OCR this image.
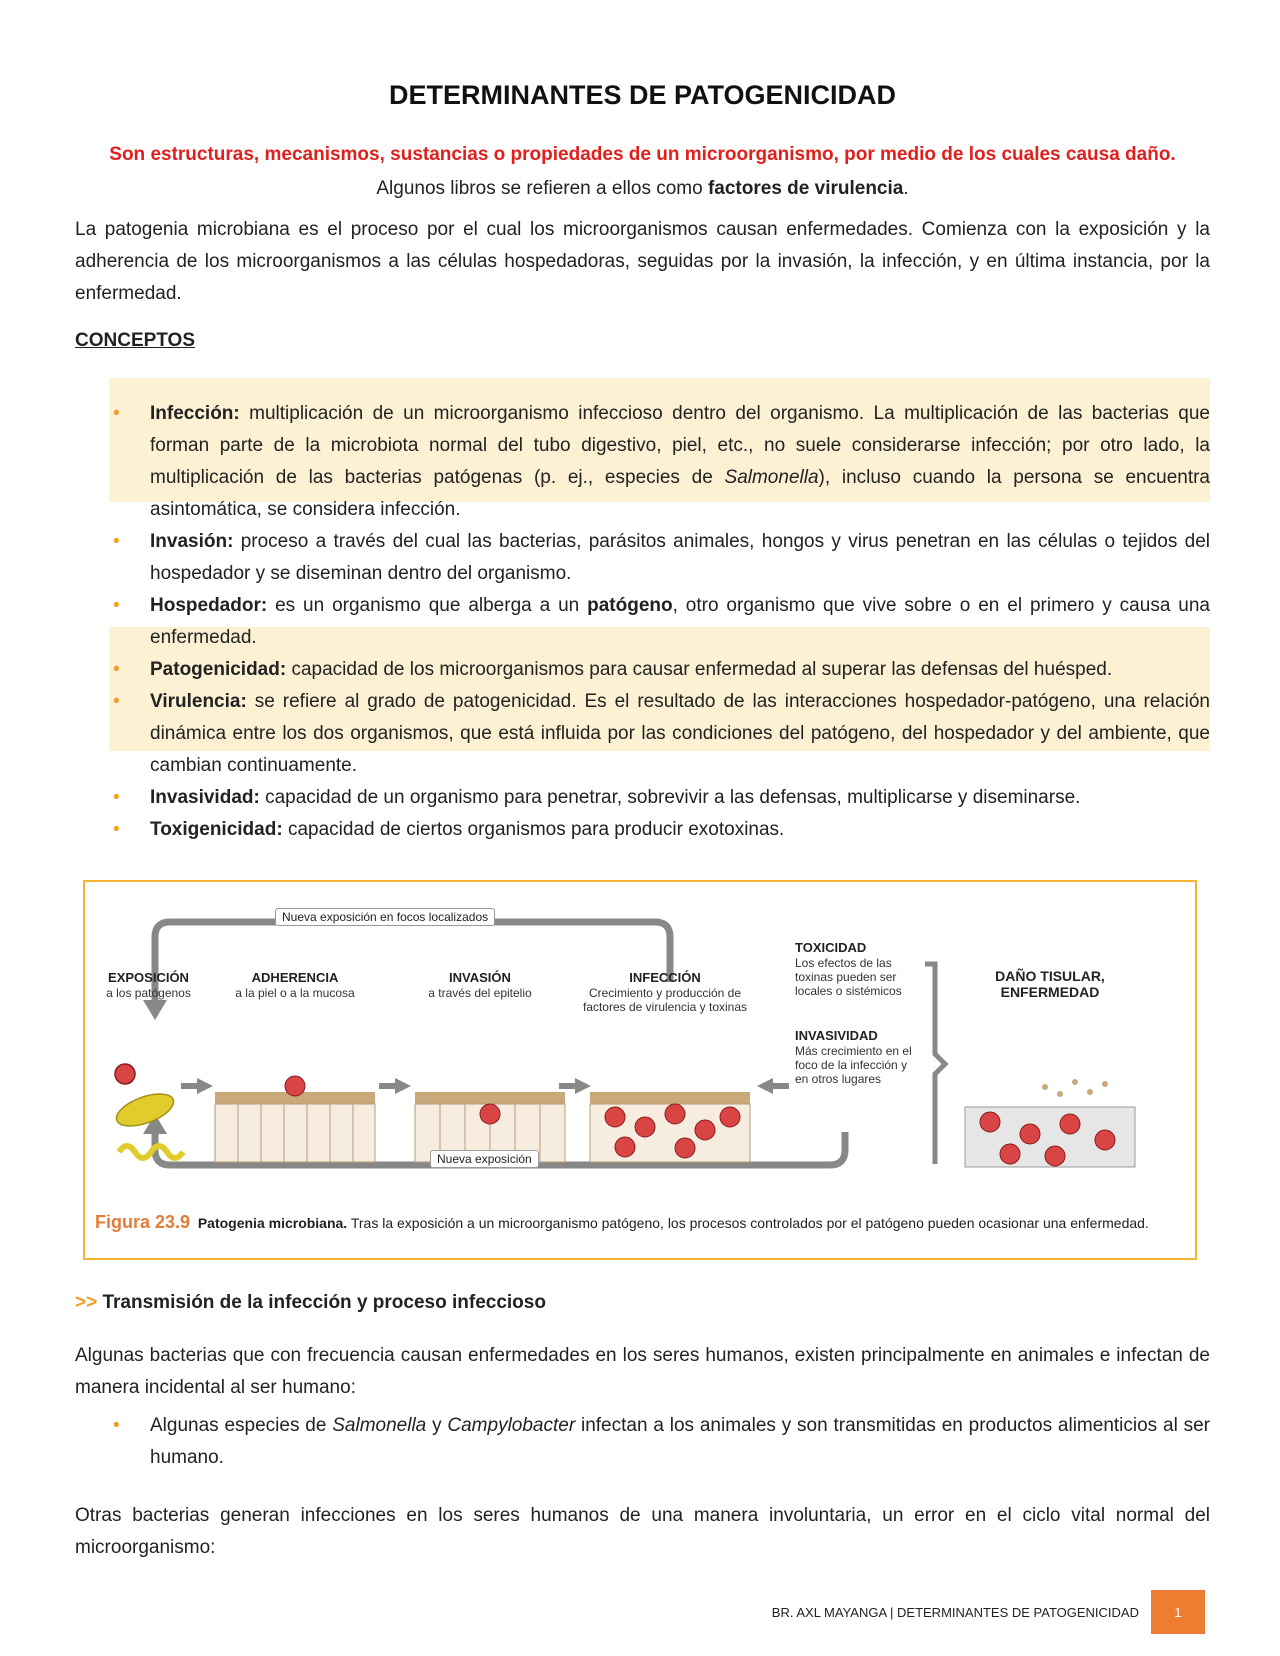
DETERMINANTES DE PATOGENICIDAD
Son estructuras, mecanismos, sustancias o propiedades de un microorganismo, por medio de los cuales causa daño.
Algunos libros se refieren a ellos como factores de virulencia.

La patogenia microbiana es el proceso por el cual los microorganismos causan enfermedades. Comienza con la exposición y la adherencia de los microorganismos a las células hospedadoras, seguidas por la invasión, la infección, y en última instancia, por la enfermedad.

CONCEPTOS
• Infección: multiplicación de un microorganismo infeccioso dentro del organismo. La multiplicación de las bacterias que forman parte de la microbiota normal del tubo digestivo, piel, etc., no suele considerarse infección; por otro lado, la multiplicación de las bacterias patógenas (p. ej., especies de Salmonella), incluso cuando la persona se encuentra asintomática, se considera infección.
• Invasión: proceso a través del cual las bacterias, parásitos animales, hongos y virus penetran en las células o tejidos del hospedador y se diseminan dentro del organismo.
• Hospedador: es un organismo que alberga a un patógeno, otro organismo que vive sobre o en el primero y causa una enfermedad.
• Patogenicidad: capacidad de los microorganismos para causar enfermedad al superar las defensas del huésped.
• Virulencia: se refiere al grado de patogenicidad. Es el resultado de las interacciones hospedador-patógeno, una relación dinámica entre los dos organismos, que está influida por las condiciones del patógeno, del hospedador y del ambiente, que cambian continuamente.
• Invasividad: capacidad de un organismo para penetrar, sobrevivir a las defensas, multiplicarse y diseminarse.
• Toxigenicidad: capacidad de ciertos organismos para producir exotoxinas.
Nueva exposición en focos localizados
Nueva exposición
EXPOSICIÓN
a los patógenos
ADHERENCIA
a la piel o a la mucosa
INVASIÓN
a través del epitelio
INFECCIÓN
Crecimiento y producción de factores de virulencia y toxinas
TOXICIDAD
Los efectos de las toxinas pueden ser locales o sistémicos
INVASIVIDAD
Más crecimiento en el foco de la infección y en otros lugares
DAÑO TISULAR, ENFERMEDAD
Figura 23.9 Patogenia microbiana. Tras la exposición a un microorganismo patógeno, los procesos controlados por el patógeno pueden ocasionar una enfermedad.
>> Transmisión de la infección y proceso infeccioso

Algunas bacterias que con frecuencia causan enfermedades en los seres humanos, existen principalmente en animales e infectan de manera incidental al ser humano:

• Algunas especies de Salmonella y Campylobacter infectan a los animales y son transmitidas en productos alimenticios al ser humano.

Otras bacterias generan infecciones en los seres humanos de una manera involuntaria, un error en el ciclo vital normal del microorganismo:

BR. AXL MAYANGA | DETERMINANTES DE PATOGENICIDAD	1
